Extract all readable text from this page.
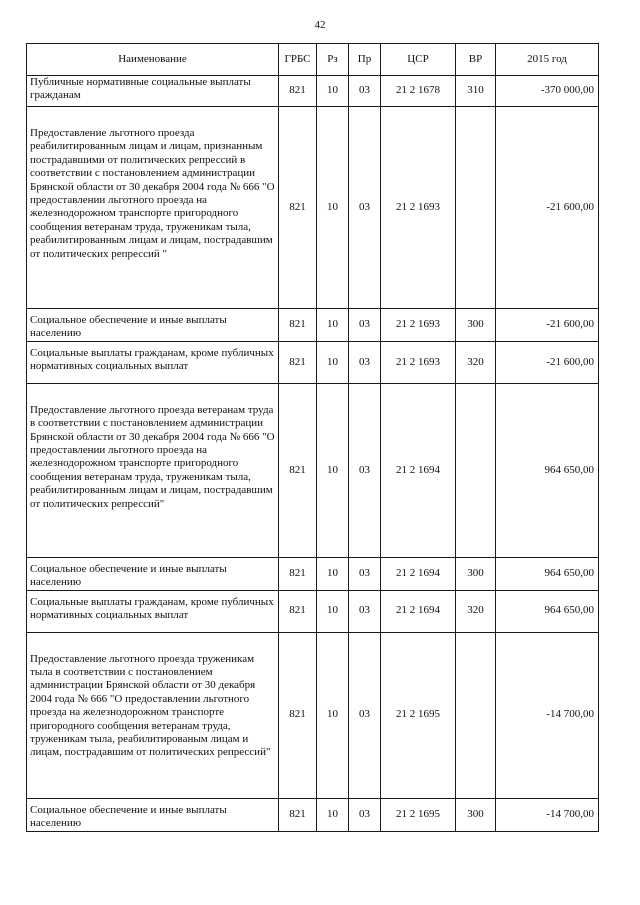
42
Наименование	ГРБС	Рз	Пр	ЦСР	ВР	2015 год

Публичные нормативные социальные выплаты гражданам	821	10	03	21 2 1678	310	-370 000,00

Предоставление льготного проезда реабилитированным лицам и лицам, признанным пострадавшими от политических репрессий в соответствии с постановлением администрации Брянской области от 30 декабря 2004 года № 666 "О предоставлении льготного проезда на железнодорожном транспорте пригородного сообщения ветеранам труда, труженикам тыла, реабилитированным лицам и лицам, пострадавшим от политических репрессий "	821	10	03	21 2 1693		-21 600,00

Социальное обеспечение и иные выплаты населению	821	10	03	21 2 1693	300	-21 600,00

Социальные выплаты гражданам, кроме публичных нормативных социальных выплат	821	10	03	21 2 1693	320	-21 600,00

Предоставление льготного проезда ветеранам труда в соответствии с постановлением администрации Брянской области от 30 декабря 2004 года № 666 "О предоставлении льготного проезда на железнодорожном транспорте пригородного сообщения ветеранам труда, труженикам тыла, реабилитированным лицам и лицам, пострадавшим от политических репрессий"	821	10	03	21 2 1694		964 650,00

Социальное обеспечение и иные выплаты населению	821	10	03	21 2 1694	300	964 650,00

Социальные выплаты гражданам, кроме публичных нормативных социальных выплат	821	10	03	21 2 1694	320	964 650,00

Предоставление льготного проезда труженикам тыла в соответствии с постановлением администрации Брянской области от 30 декабря 2004 года № 666 "О предоставлении льготного проезда на железнодорожном транспорте пригородного сообщения ветеранам труда, труженикам тыла, реабилитированым лицам и лицам, пострадавшим от политических репрессий"	821	10	03	21 2 1695		-14 700,00

Социальное обеспечение и иные выплаты населению	821	10	03	21 2 1695	300	-14 700,00
